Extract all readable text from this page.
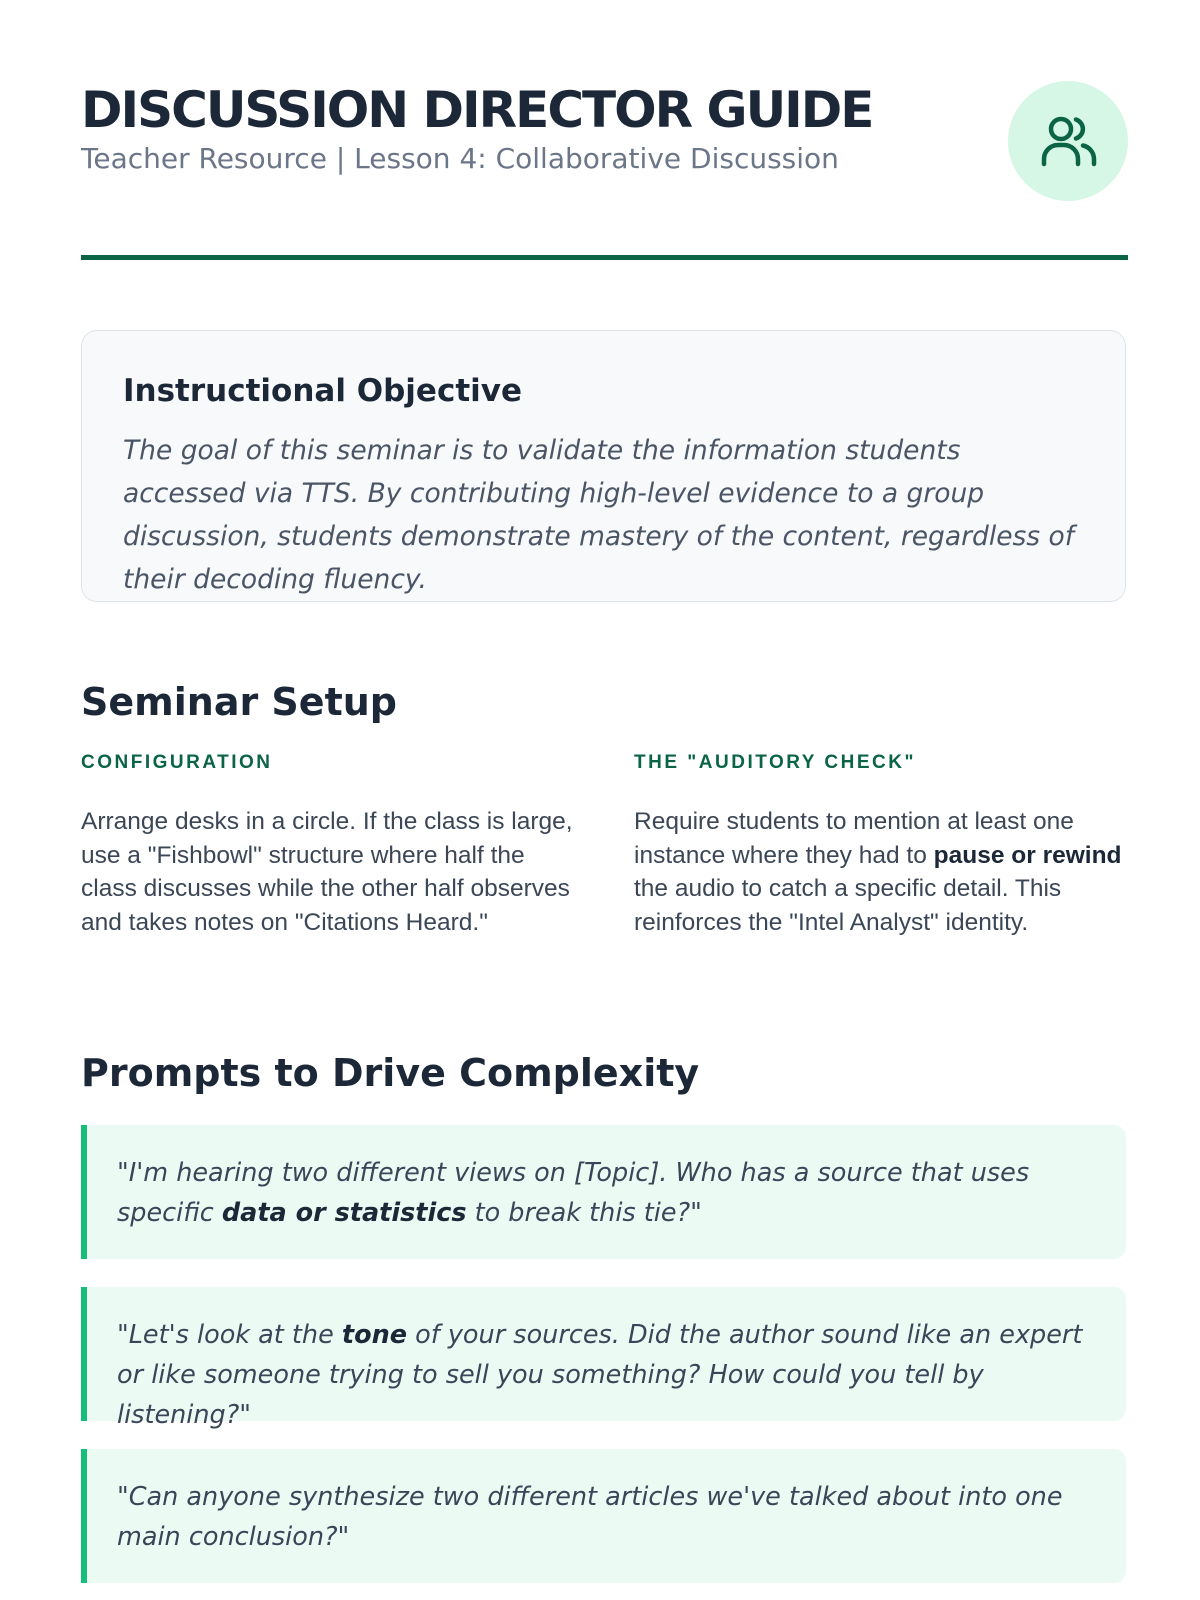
DISCUSSION DIRECTOR GUIDE
Teacher Resource | Lesson 4: Collaborative Discussion
Instructional Objective
The goal of this seminar is to validate the information students accessed via TTS. By contributing high-level evidence to a group discussion, students demonstrate mastery of the content, regardless of their decoding fluency.
Seminar Setup
CONFIGURATION

Arrange desks in a circle. If the class is large, use a "Fishbowl" structure where half the class discusses while the other half observes and takes notes on "Citations Heard."

THE "AUDITORY CHECK"

Require students to mention at least one instance where they had to pause or rewind the audio to catch a specific detail. This reinforces the "Intel Analyst" identity.

Prompts to Drive Complexity
"I'm hearing two different views on [Topic]. Who has a source that uses specific data or statistics to break this tie?"
"Let's look at the tone of your sources. Did the author sound like an expert or like someone trying to sell you something? How could you tell by listening?"
"Can anyone synthesize two different articles we've talked about into one main conclusion?"
